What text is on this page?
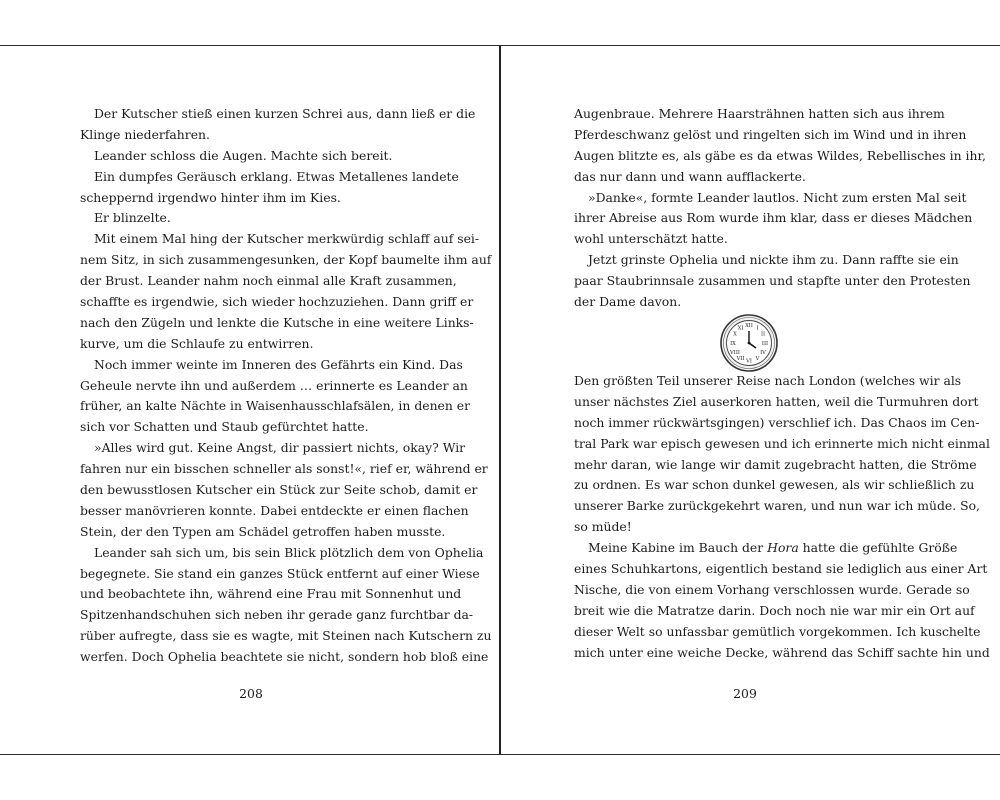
Der Kutscher stieß einen kurzen Schrei aus, dann ließ er die
Klinge niederfahren.
Leander schloss die Augen. Machte sich bereit.
Ein dumpfes Geräusch erklang. Etwas Metallenes landete
scheppernd irgendwo hinter ihm im Kies.
Er blinzelte.
Mit einem Mal hing der Kutscher merkwürdig schlaff auf sei-
nem Sitz, in sich zusammengesunken, der Kopf baumelte ihm auf
der Brust. Leander nahm noch einmal alle Kraft zusammen,
schaffte es irgendwie, sich wieder hochzuziehen. Dann griff er
nach den Zügeln und lenkte die Kutsche in eine weitere Links-
kurve, um die Schlaufe zu entwirren.
Noch immer weinte im Inneren des Gefährts ein Kind. Das
Geheule nervte ihn und außerdem … erinnerte es Leander an
früher, an kalte Nächte in Waisenhausschlafsälen, in denen er
sich vor Schatten und Staub gefürchtet hatte.
»Alles wird gut. Keine Angst, dir passiert nichts, okay? Wir
fahren nur ein bisschen schneller als sonst!«, rief er, während er
den bewusstlosen Kutscher ein Stück zur Seite schob, damit er
besser manövrieren konnte. Dabei entdeckte er einen flachen
Stein, der den Typen am Schädel getroffen haben musste.
Leander sah sich um, bis sein Blick plötzlich dem von Ophelia
begegnete. Sie stand ein ganzes Stück entfernt auf einer Wiese
und beobachtete ihn, während eine Frau mit Sonnenhut und
Spitzenhandschuhen sich neben ihr gerade ganz furchtbar da-
rüber aufregte, dass sie es wagte, mit Steinen nach Kutschern zu
werfen. Doch Ophelia beachtete sie nicht, sondern hob bloß eine
208
Augenbraue. Mehrere Haarsträhnen hatten sich aus ihrem
Pferdeschwanz gelöst und ringelten sich im Wind und in ihren
Augen blitzte es, als gäbe es da etwas Wildes, Rebellisches in ihr,
das nur dann und wann aufflackerte.
»Danke«, formte Leander lautlos. Nicht zum ersten Mal seit
ihrer Abreise aus Rom wurde ihm klar, dass er dieses Mädchen
wohl unterschätzt hatte.
Jetzt grinste Ophelia und nickte ihm zu. Dann raffte sie ein
paar Staubrinnsale zusammen und stapfte unter den Protesten
der Dame davon.
XII I
II
III
IV
V
VI
VII
VIII
IX
X
XI
Den größten Teil unserer Reise nach London (welches wir als
unser nächstes Ziel auserkoren hatten, weil die Turmuhren dort
noch immer rückwärtsgingen) verschlief ich. Das Chaos im Cen-
tral Park war episch gewesen und ich erinnerte mich nicht einmal
mehr daran, wie lange wir damit zugebracht hatten, die Ströme
zu ordnen. Es war schon dunkel gewesen, als wir schließlich zu
unserer Barke zurückgekehrt waren, und nun war ich müde. So,
so müde!
Meine Kabine im Bauch der Hora hatte die gefühlte Größe
eines Schuhkartons, eigentlich bestand sie lediglich aus einer Art
Nische, die von einem Vorhang verschlossen wurde. Gerade so
breit wie die Matratze darin. Doch noch nie war mir ein Ort auf
dieser Welt so unfassbar gemütlich vorgekommen. Ich kuschelte
mich unter eine weiche Decke, während das Schiff sachte hin und
209
